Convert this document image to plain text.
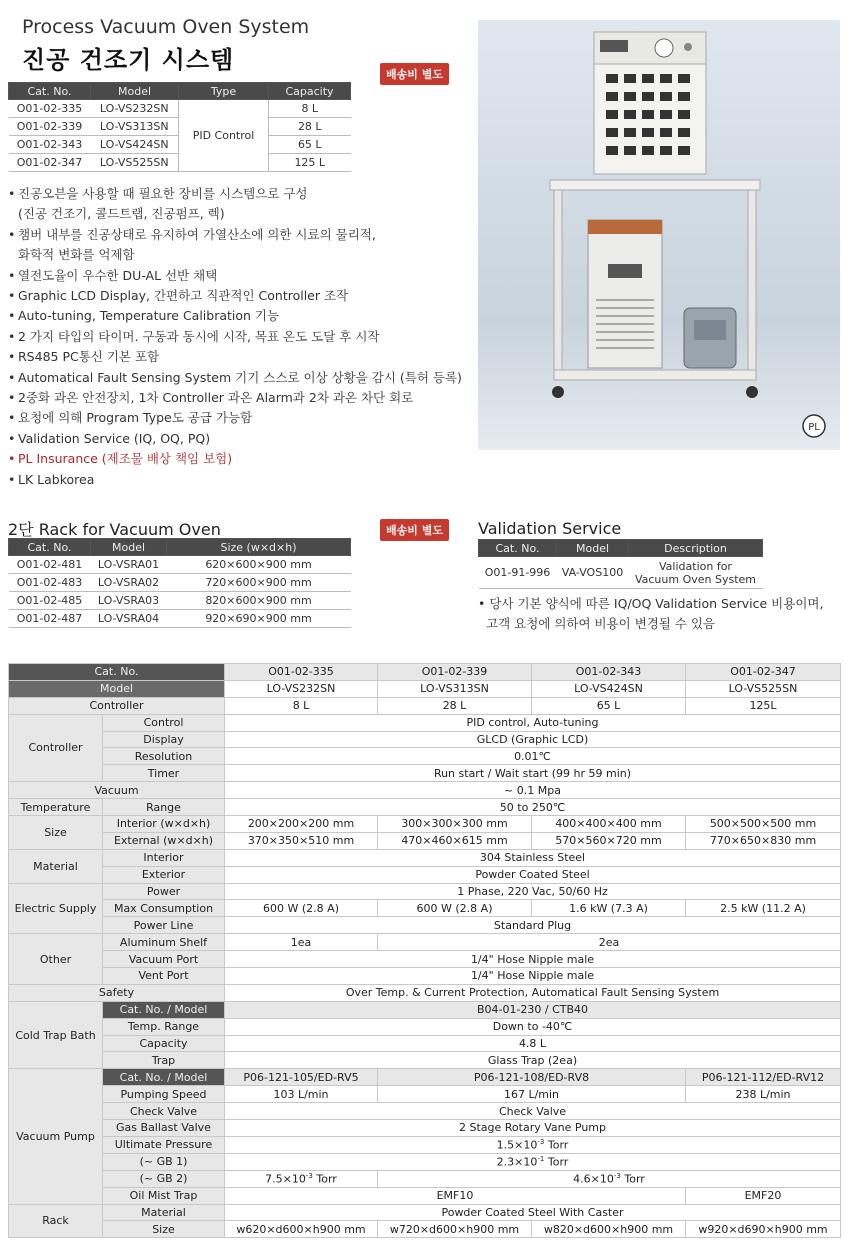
Process Vacuum Oven System
진공 건조기 시스템
배송비 별도
Cat. No.	Model	Type	Capacity
O01-02-335	LO-VS232SN	PID Control	8 L
O01-02-339	LO-VS313SN		28 L
O01-02-343	LO-VS424SN		65 L
O01-02-347	LO-VS525SN		125 L
• 진공오븐을 사용할 때 필요한 장비를 시스템으로 구성
(진공 건조기, 콜드트랩, 진공펌프, 렉)
• 챔버 내부를 진공상태로 유지하여 가열산소에 의한 시료의 물리적,
화학적 변화를 억제함
• 열전도율이 우수한 DU-AL 선반 채택
• Graphic LCD Display, 간편하고 직관적인 Controller 조작
• Auto-tuning, Temperature Calibration 기능
• 2 가지 타입의 타이머. 구동과 동시에 시작, 목표 온도 도달 후 시작
• RS485 PC통신 기본 포함
• Automatical Fault Sensing System 기기 스스로 이상 상황을 감시 (특허 등록)
• 2중화 과온 안전장치, 1차 Controller 과온 Alarm과 2차 과온 차단 회로
• 요청에 의해 Program Type도 공급 가능함
• Validation Service (IQ, OQ, PQ)
• PL Insurance (제조물 배상 책임 보험)
• LK Labkorea
PL
2단 Rack for Vacuum Oven	배송비 별도
Cat. No.	Model	Size (w×d×h)
O01-02-481	LO-VSRA01	620×600×900 mm
O01-02-483	LO-VSRA02	720×600×900 mm
O01-02-485	LO-VSRA03	820×600×900 mm
O01-02-487	LO-VSRA04	920×690×900 mm
Validation Service
Cat. No.	Model	Description
O01-91-996	VA-VOS100	Validation for
Vacuum Oven System
• 당사 기본 양식에 따른 IQ/OQ Validation Service 비용이며,
고객 요청에 의하여 비용이 변경될 수 있음
Cat. No.		O01-02-335	O01-02-339	O01-02-343	O01-02-347
Model		LO-VS232SN	LO-VS313SN	LO-VS424SN	LO-VS525SN
Controller		8 L	28 L	65 L	125L
Controller	Control	PID control, Auto-tuning			
	Display	GLCD (Graphic LCD)			
	Resolution	0.01℃			
	Timer	Run start / Wait start (99 hr 59 min)			
Vacuum		~ 0.1 Mpa			
Temperature	Range	50 to 250℃			
Size	Interior (w×d×h)	200×200×200 mm	300×300×300 mm	400×400×400 mm	500×500×500 mm
	External (w×d×h)	370×350×510 mm	470×460×615 mm	570×560×720 mm	770×650×830 mm
Material	Interior	304 Stainless Steel			
	Exterior	Powder Coated Steel			
Electric Supply	Power	1 Phase, 220 Vac, 50/60 Hz			
	Max Consumption	600 W (2.8 A)	600 W (2.8 A)	1.6 kW (7.3 A)	2.5 kW (11.2 A)
	Power Line	Standard Plug			
Other	Aluminum Shelf	1ea	2ea		
	Vacuum Port	1/4" Hose Nipple male			
	Vent Port	1/4" Hose Nipple male			
Safety		Over Temp. & Current Protection, Automatical Fault Sensing System			
Cold Trap Bath	Cat. No. / Model	B04-01-230 / CTB40			
	Temp. Range	Down to -40℃			
	Capacity	4.8 L			
	Trap	Glass Trap (2ea)			
Vacuum Pump	Cat. No. / Model	P06-121-105/ED-RV5	P06-121-108/ED-RV8		P06-121-112/ED-RV12
	Pumping Speed	103 L/min	167 L/min		238 L/min
	Check Valve	Check Valve			
	Gas Ballast Valve	2 Stage Rotary Vane Pump			
	Ultimate Pressure	$1.5\times 10^{-3}$ Torr			
	(~ GB 1)	$2.3\times 10^{-1}$ Torr			
	(~ GB 2)	$7.5\times 10^{-3}$ Torr	$4.6\times 10^{-3}$ Torr		
	Oil Mist Trap	EMF10			EMF20
Rack	Material	Powder Coated Steel With Caster			
	Size	w620×d600×h900 mm	w720×d600×h900 mm	w820×d600×h900 mm	w920×d690×h900 mm
